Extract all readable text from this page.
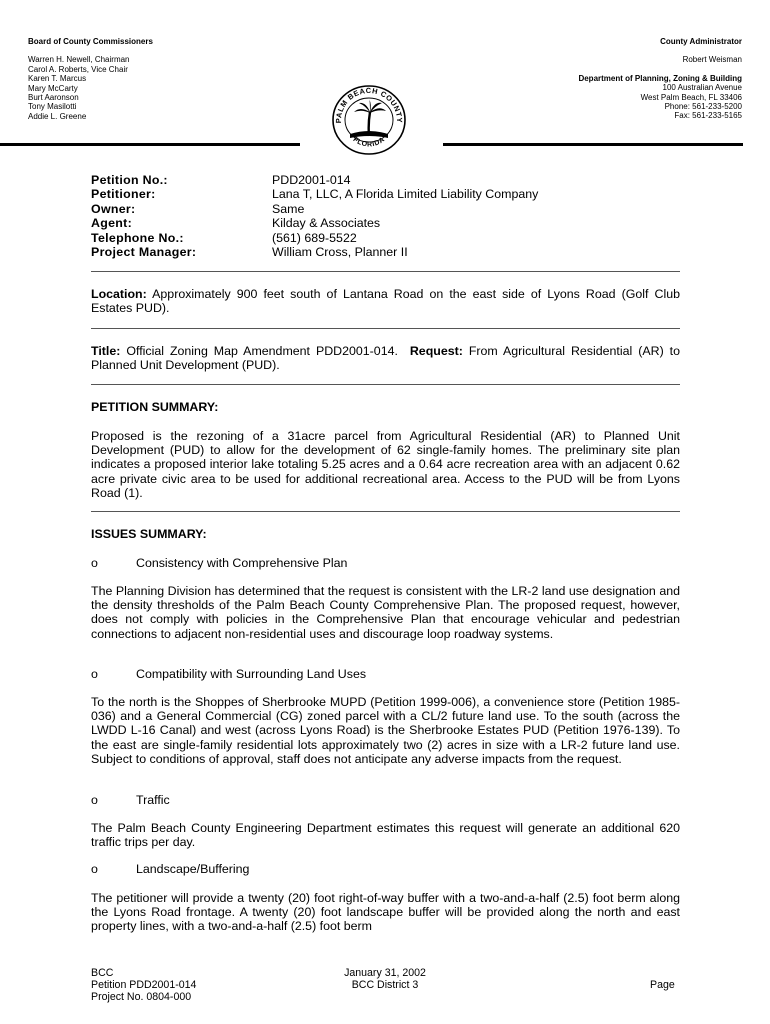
Board of County Commissioners
Warren H. Newell, Chairman
Carol A. Roberts, Vice Chair
Karen T. Marcus
Mary McCarty
Burt Aaronson
Tony Masilotti
Addie L. Greene
County Administrator
Robert Weisman
Department of Planning, Zoning & Building
100 Australian Avenue
West Palm Beach, FL 33406
Phone: 561-233-5200
Fax: 561-233-5165
PALM BEACH COUNTY
FLORIDA
Petition No.:	PDD2001-014
Petitioner:	Lana T, LLC, A Florida Limited Liability Company
Owner:	Same
Agent:	Kilday & Associates
Telephone No.:	(561) 689-5522
Project Manager:	William Cross, Planner II
Location: Approximately 900 feet south of Lantana Road on the east side of Lyons Road (Golf Club Estates PUD).
Title: Official Zoning Map Amendment PDD2001-014. Request: From Agricultural Residential (AR) to Planned Unit Development (PUD).
PETITION SUMMARY:
Proposed is the rezoning of a 31acre parcel from Agricultural Residential (AR) to Planned Unit Development (PUD) to allow for the development of 62 single-family homes. The preliminary site plan indicates a proposed interior lake totaling 5.25 acres and a 0.64 acre recreation area with an adjacent 0.62 acre private civic area to be used for additional recreational area. Access to the PUD will be from Lyons Road (1).
ISSUES SUMMARY:
o	Consistency with Comprehensive Plan
The Planning Division has determined that the request is consistent with the LR-2 land use designation and the density thresholds of the Palm Beach County Comprehensive Plan. The proposed request, however, does not comply with policies in the Comprehensive Plan that encourage vehicular and pedestrian connections to adjacent non-residential uses and discourage loop roadway systems.
o	Compatibility with Surrounding Land Uses
To the north is the Shoppes of Sherbrooke MUPD (Petition 1999-006), a convenience store (Petition 1985-036) and a General Commercial (CG) zoned parcel with a CL/2 future land use. To the south (across the LWDD L-16 Canal) and west (across Lyons Road) is the Sherbrooke Estates PUD (Petition 1976-139). To the east are single-family residential lots approximately two (2) acres in size with a LR-2 future land use. Subject to conditions of approval, staff does not anticipate any adverse impacts from the request.
o	Traffic
The Palm Beach County Engineering Department estimates this request will generate an additional 620 traffic trips per day.
o	Landscape/Buffering
The petitioner will provide a twenty (20) foot right-of-way buffer with a two-and-a-half (2.5) foot berm along the Lyons Road frontage. A twenty (20) foot landscape buffer will be provided along the north and east property lines, with a two-and-a-half (2.5) foot berm
BCC
Petition PDD2001-014
Project No. 0804-000
January 31, 2002
BCC District 3	Page
